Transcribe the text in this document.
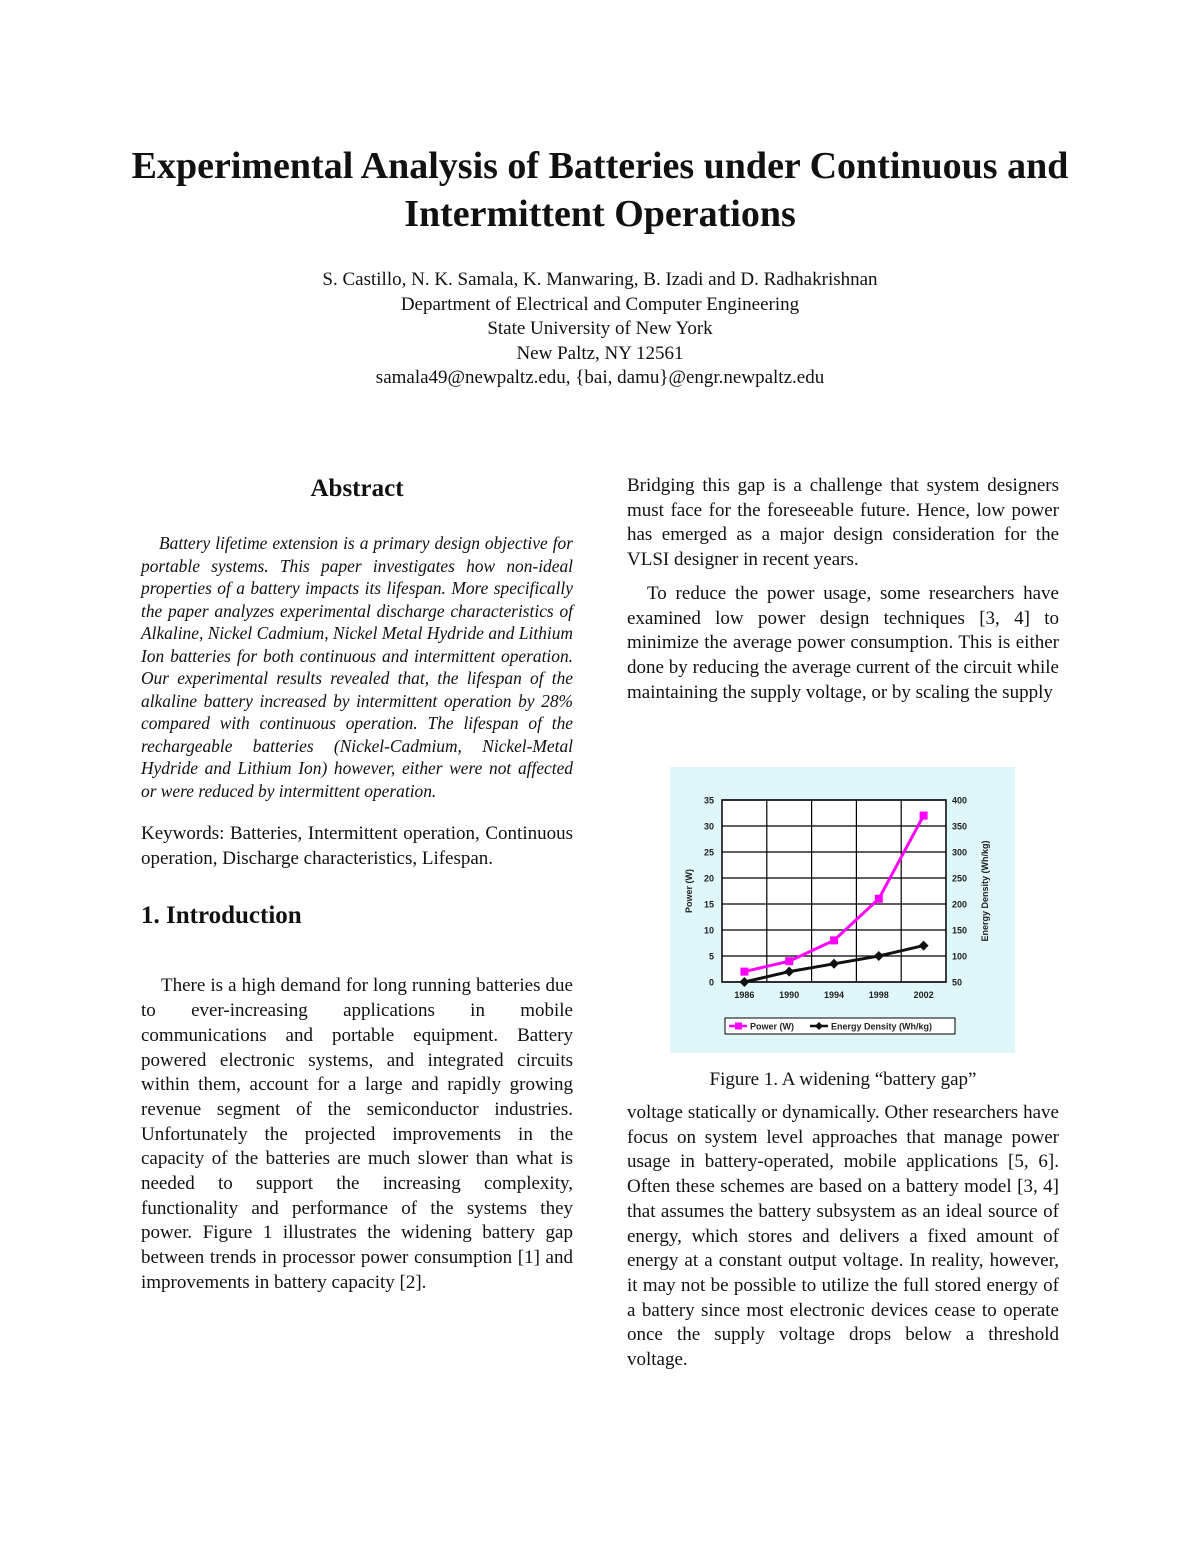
Experimental Analysis of Batteries under Continuous and Intermittent Operations
S. Castillo, N. K. Samala, K. Manwaring, B. Izadi and D. Radhakrishnan
Department of Electrical and Computer Engineering
State University of New York
New Paltz, NY 12561
samala49@newpaltz.edu, {bai, damu}@engr.newpaltz.edu
Abstract

Battery lifetime extension is a primary design objective for portable systems. This paper investigates how non-ideal properties of a battery impacts its lifespan. More specifically the paper analyzes experimental discharge characteristics of Alkaline, Nickel Cadmium, Nickel Metal Hydride and Lithium Ion batteries for both continuous and intermittent operation. Our experimental results revealed that, the lifespan of the alkaline battery increased by intermittent operation by 28% compared with continuous operation. The lifespan of the rechargeable batteries (Nickel-Cadmium, Nickel-Metal Hydride and Lithium Ion) however, either were not affected or were reduced by intermittent operation.

Keywords: Batteries, Intermittent operation, Continuous operation, Discharge characteristics, Lifespan.

1. Introduction

There is a high demand for long running batteries due to ever-increasing applications in mobile communications and portable equipment. Battery powered electronic systems, and integrated circuits within them, account for a large and rapidly growing revenue segment of the semiconductor industries. Unfortunately the projected improvements in the capacity of the batteries are much slower than what is needed to support the increasing complexity, functionality and performance of the systems they power. Figure 1 illustrates the widening battery gap between trends in processor power consumption [1] and improvements in battery capacity [2].

Bridging this gap is a challenge that system designers must face for the foreseeable future. Hence, low power has emerged as a major design consideration for the VLSI designer in recent years.

To reduce the power usage, some researchers have examined low power design techniques [3, 4] to minimize the average power consumption. This is either done by reducing the average current of the circuit while maintaining the supply voltage, or by scaling the supply

0
5
10
15
20
25
30
35
50
100
150
200
250
300
350
400
1986	1990	1994	1998	2002
Power (W)	Energy Density (Wh/kg)
Power (W)	Energy Density (Wh/kg)
Figure 1. A widening “battery gap”

voltage statically or dynamically. Other researchers have focus on system level approaches that manage power usage in battery-operated, mobile applications [5, 6]. Often these schemes are based on a battery model [3, 4] that assumes the battery subsystem as an ideal source of energy, which stores and delivers a fixed amount of energy at a constant output voltage. In reality, however, it may not be possible to utilize the full stored energy of a battery since most electronic devices cease to operate once the supply voltage drops below a threshold voltage.
